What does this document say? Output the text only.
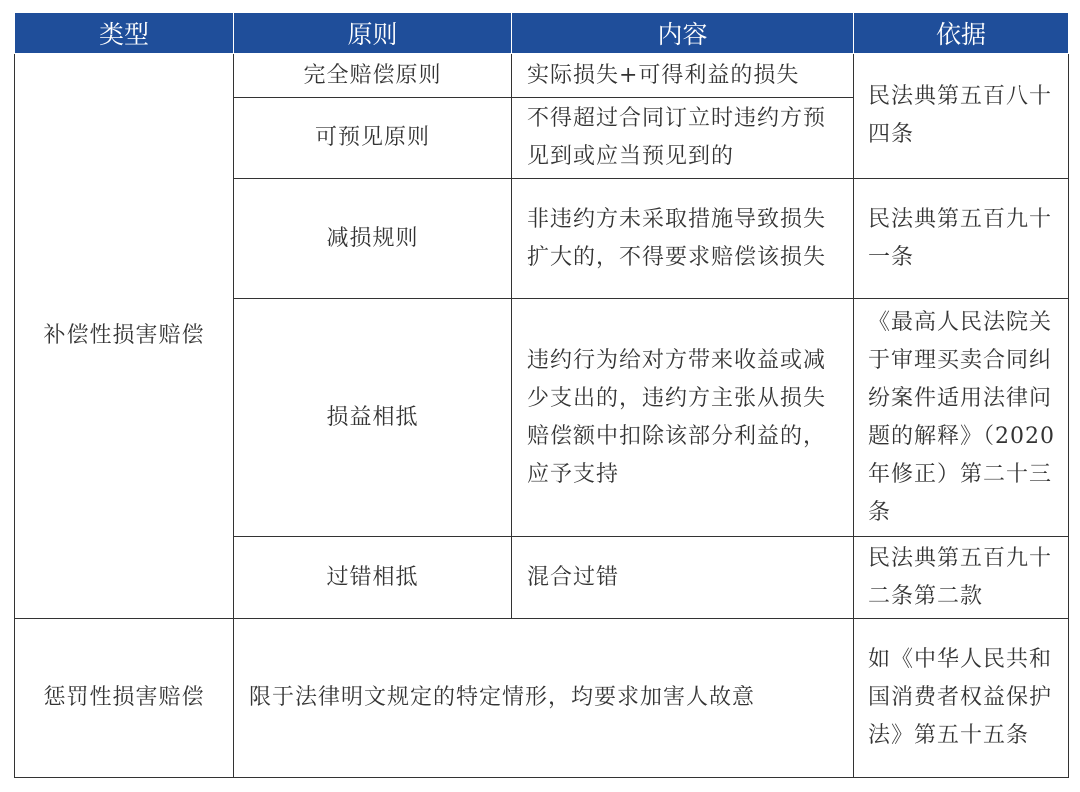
类型	原则	内容	依据
补偿性损害赔偿	完全赔偿原则	实际损失+可得利益的损失	民法典第五百八十四条
	可预见原则	不得超过合同订立时违约方预见到或应当预见到的	
	减损规则	非违约方未采取措施导致损失扩大的，不得要求赔偿该损失	民法典第五百九十一条
	损益相抵	违约行为给对方带来收益或减少支出的，违约方主张从损失赔偿额中扣除该部分利益的，应予支持	《最高人民法院关于审理买卖合同纠纷案件适用法律问题的解释》（2020年修正）第二十三条
	过错相抵	混合过错	民法典第五百九十二条第二款
惩罚性损害赔偿	限于法律明文规定的特定情形，均要求加害人故意		如《中华人民共和国消费者权益保护法》第五十五条
